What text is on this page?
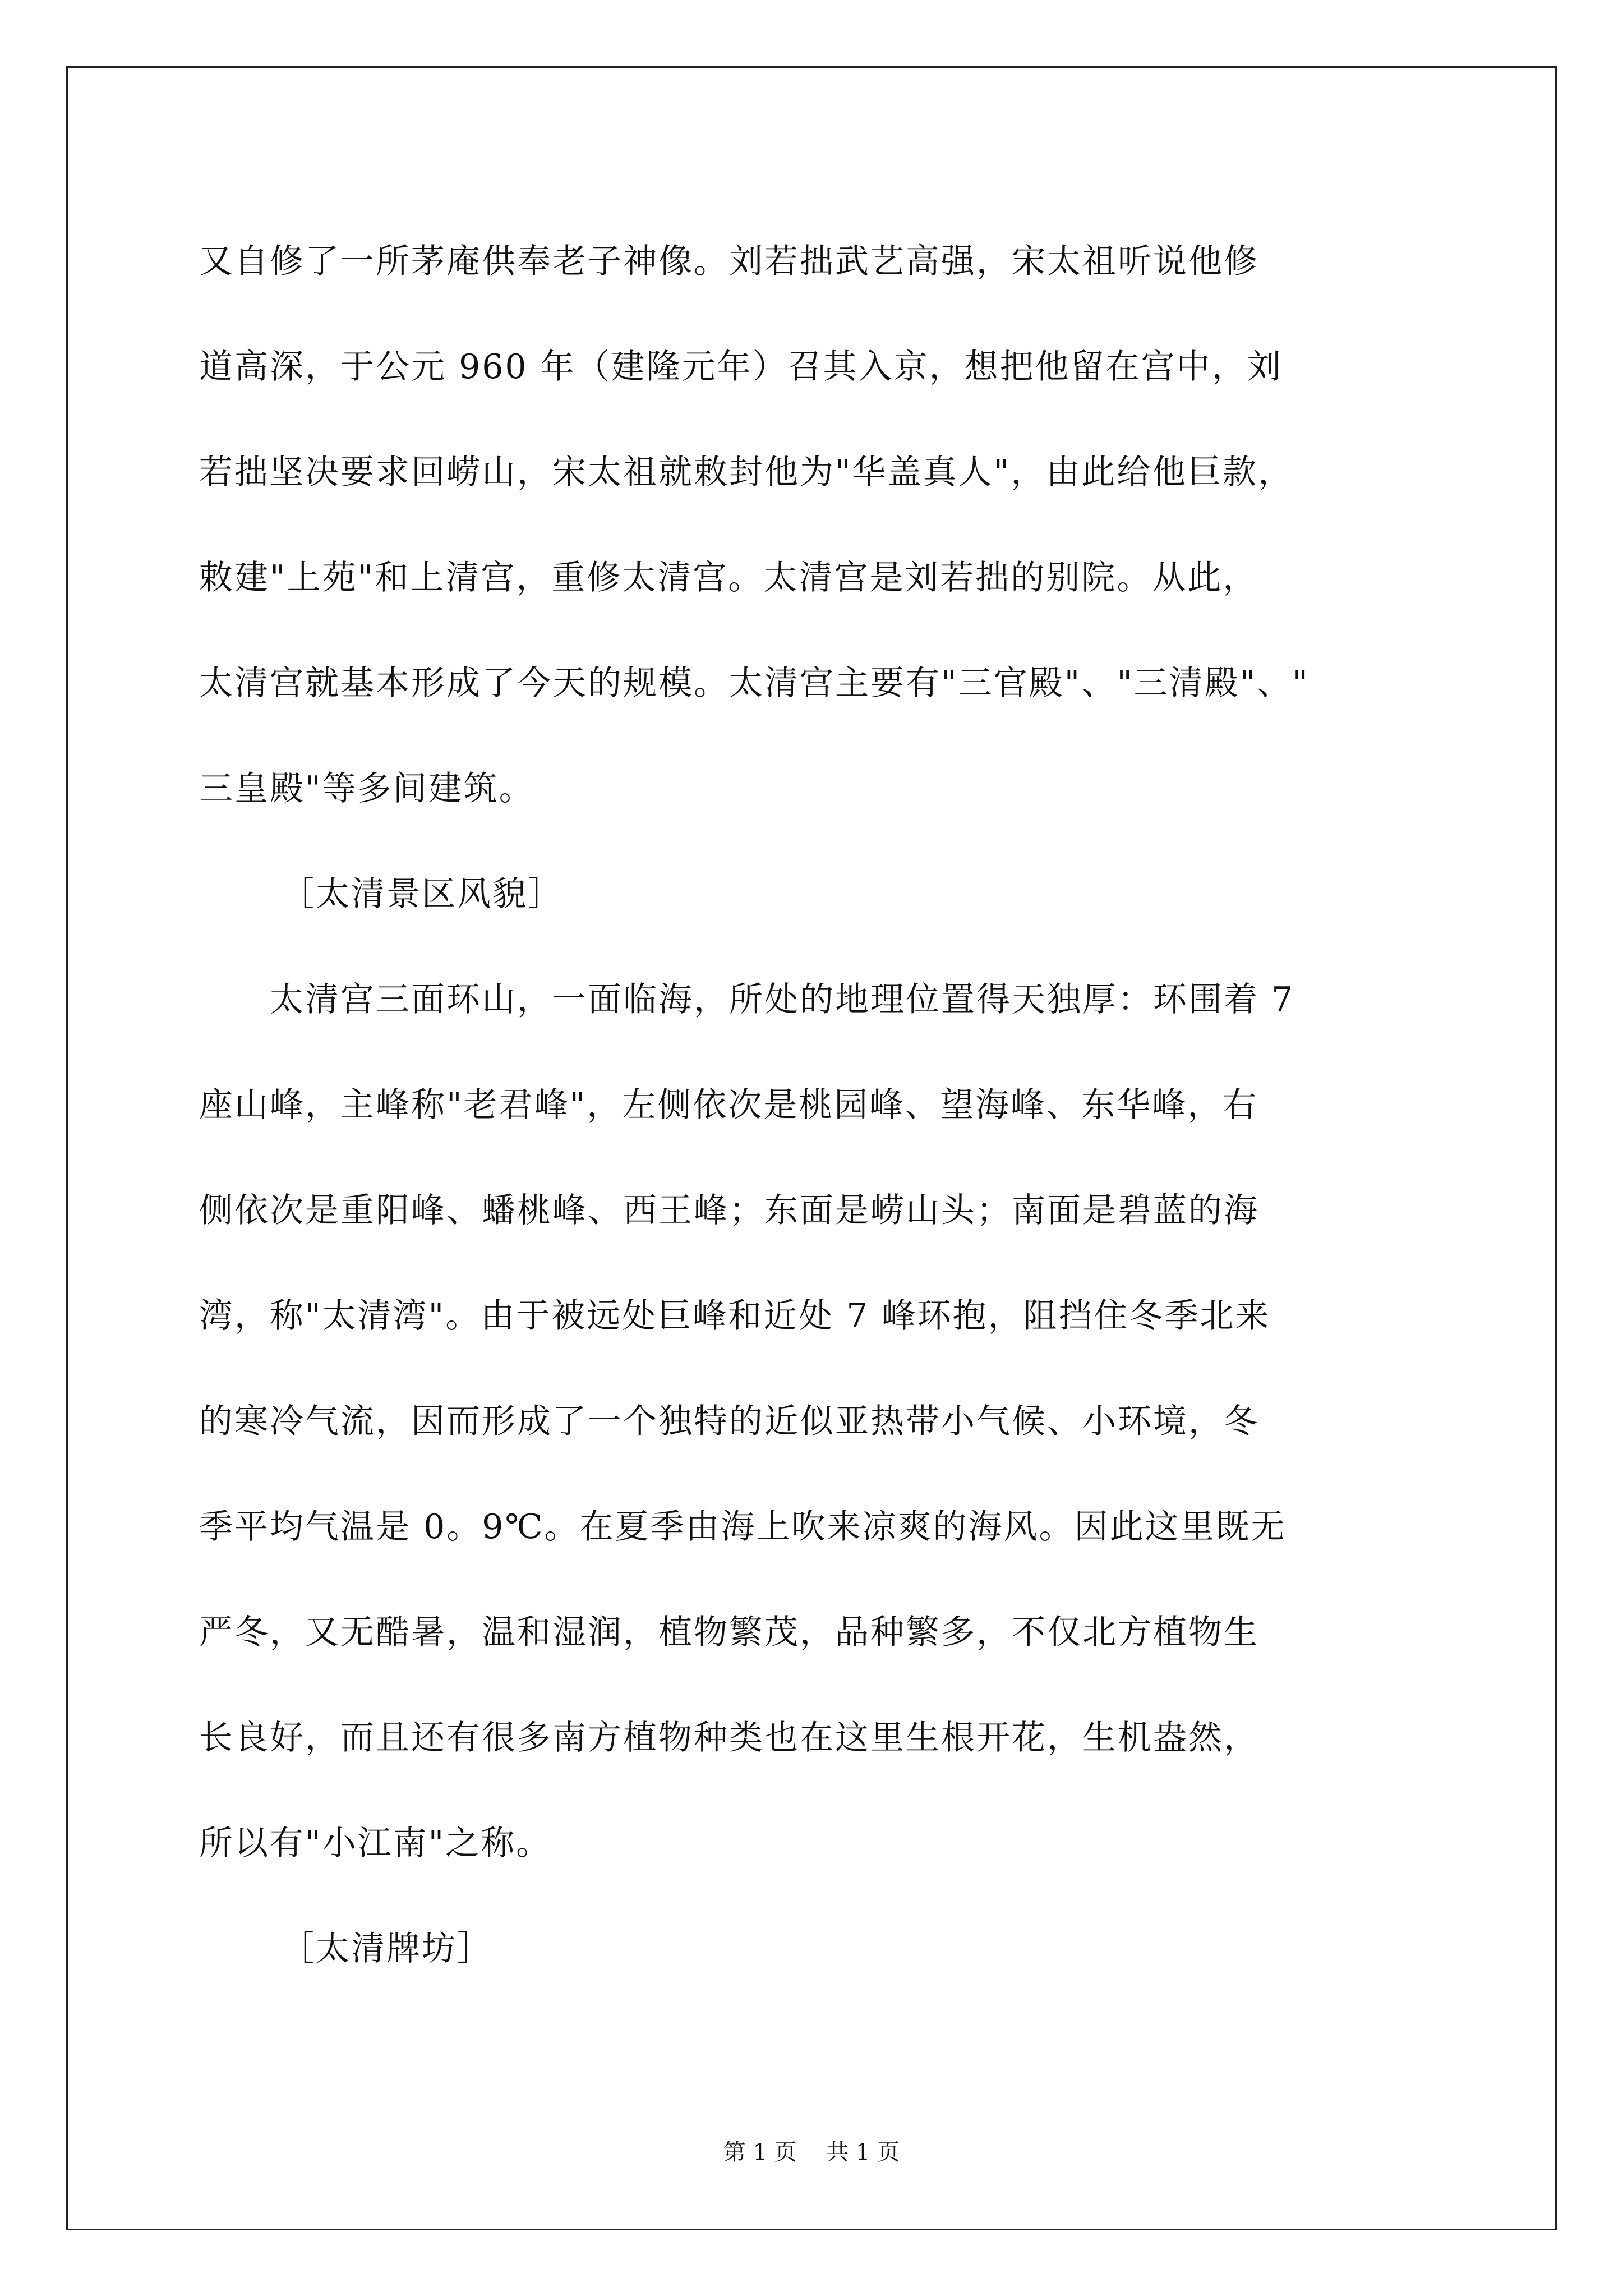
又自修了一所茅庵供奉老子神像。刘若拙武艺高强，宋太祖听说他修
道高深，于公元 960 年（建隆元年）召其入京，想把他留在宫中，刘
若拙坚决要求回崂山，宋太祖就敕封他为"华盖真人"，由此给他巨款，
敕建"上苑"和上清宫，重修太清宫。太清宫是刘若拙的别院。从此，
太清宫就基本形成了今天的规模。太清宫主要有"三官殿"、"三清殿"、"
三皇殿"等多间建筑。
［太清景区风貌］
　　太清宫三面环山，一面临海，所处的地理位置得天独厚：环围着 7
座山峰，主峰称"老君峰"，左侧依次是桃园峰、望海峰、东华峰，右
侧依次是重阳峰、蟠桃峰、西王峰；东面是崂山头；南面是碧蓝的海
湾，称"太清湾"。由于被远处巨峰和近处 7 峰环抱，阻挡住冬季北来
的寒冷气流，因而形成了一个独特的近似亚热带小气候、小环境，冬
季平均气温是 0。9℃。在夏季由海上吹来凉爽的海风。因此这里既无
严冬，又无酷暑，温和湿润，植物繁茂，品种繁多，不仅北方植物生
长良好，而且还有很多南方植物种类也在这里生根开花，生机盎然，
所以有"小江南"之称。
［太清牌坊］
第 1 页　 共 1 页
